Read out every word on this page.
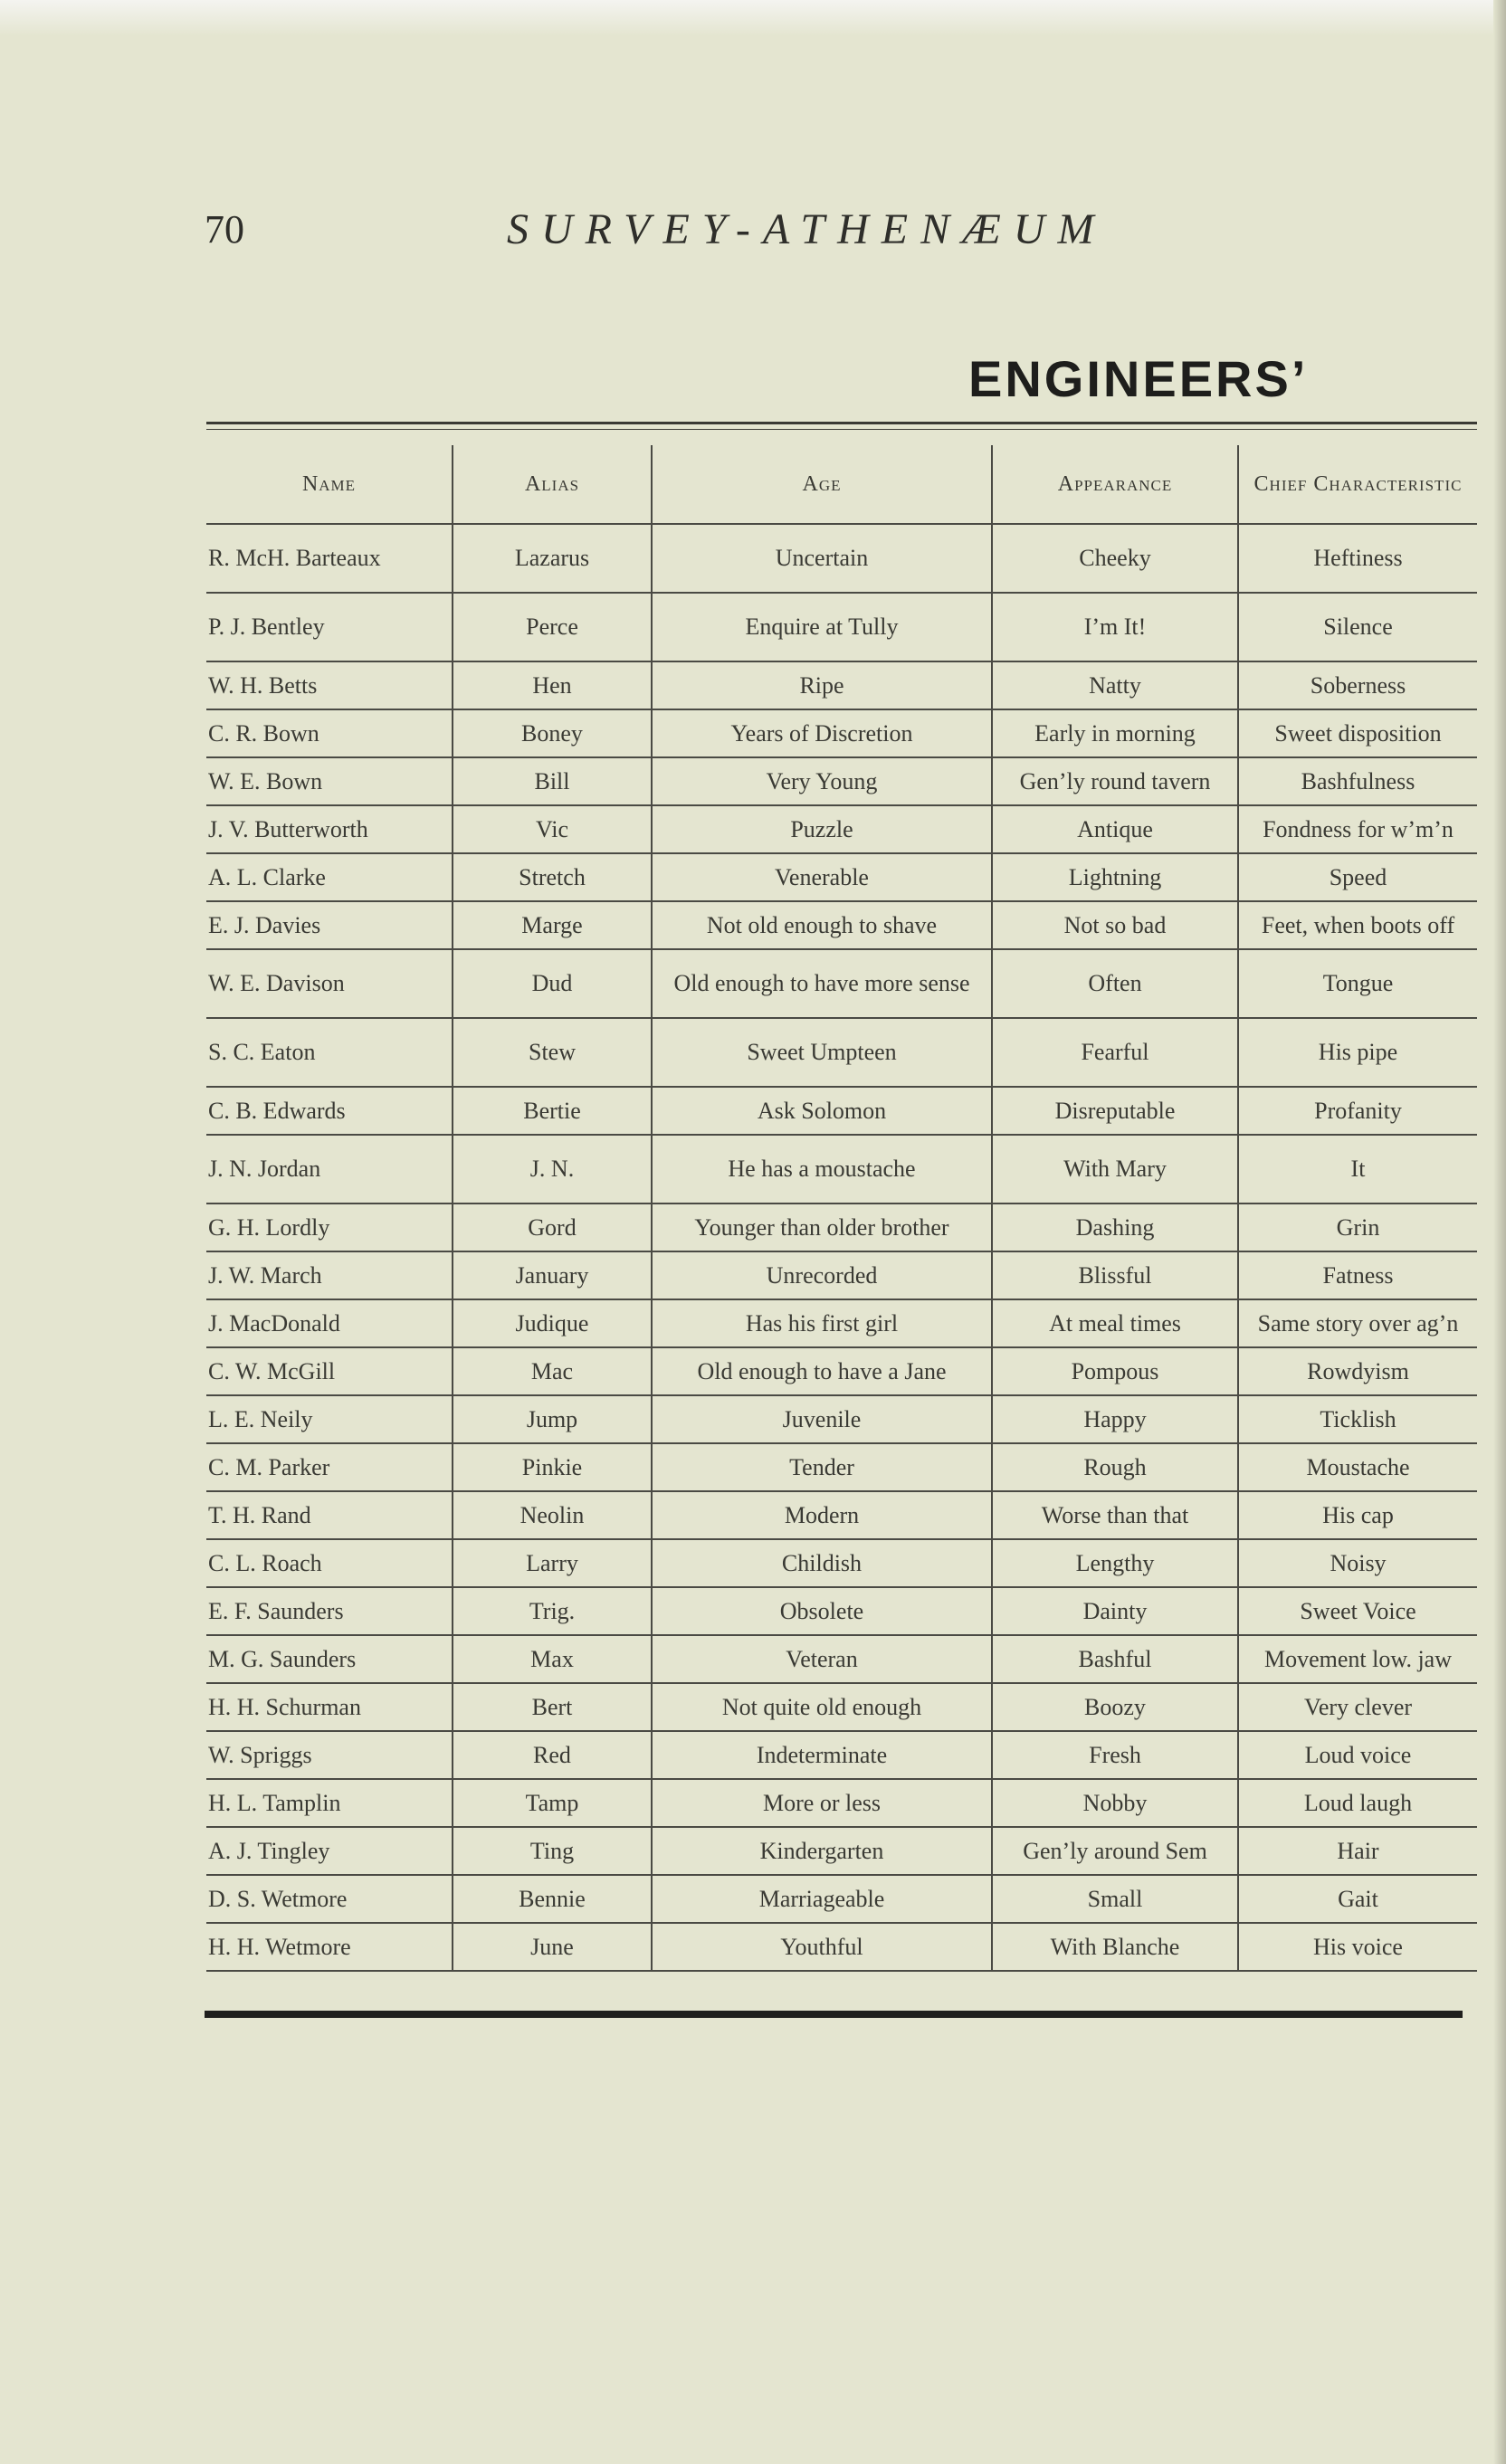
70	SURVEY-ATHENÆUM
ENGINEERS’
Name	Alias	Age	Appearance	Chief Characteristic
R. McH. Barteaux	Lazarus	Uncertain	Cheeky	Heftiness
P. J. Bentley	Perce	Enquire at Tully	I’m It!	Silence
W. H. Betts	Hen	Ripe	Natty	Soberness
C. R. Bown	Boney	Years of Discretion	Early in morning	Sweet disposition
W. E. Bown	Bill	Very Young	Gen’ly round tavern	Bashfulness
J. V. Butterworth	Vic	Puzzle	Antique	Fondness for w’m’n
A. L. Clarke	Stretch	Venerable	Lightning	Speed
E. J. Davies	Marge	Not old enough to shave	Not so bad	Feet, when boots off
W. E. Davison	Dud	Old enough to have more sense	Often	Tongue
S. C. Eaton	Stew	Sweet Umpteen	Fearful	His pipe
C. B. Edwards	Bertie	Ask Solomon	Disreputable	Profanity
J. N. Jordan	J. N.	He has a moustache	With Mary	It
G. H. Lordly	Gord	Younger than older brother	Dashing	Grin
J. W. March	January	Unrecorded	Blissful	Fatness
J. MacDonald	Judique	Has his first girl	At meal times	Same story over ag’n
C. W. McGill	Mac	Old enough to have a Jane	Pompous	Rowdyism
L. E. Neily	Jump	Juvenile	Happy	Ticklish
C. M. Parker	Pinkie	Tender	Rough	Moustache
T. H. Rand	Neolin	Modern	Worse than that	His cap
C. L. Roach	Larry	Childish	Lengthy	Noisy
E. F. Saunders	Trig.	Obsolete	Dainty	Sweet Voice
M. G. Saunders	Max	Veteran	Bashful	Movement low. jaw
H. H. Schurman	Bert	Not quite old enough	Boozy	Very clever
W. Spriggs	Red	Indeterminate	Fresh	Loud voice
H. L. Tamplin	Tamp	More or less	Nobby	Loud laugh
A. J. Tingley	Ting	Kindergarten	Gen’ly around Sem	Hair
D. S. Wetmore	Bennie	Marriageable	Small	Gait
H. H. Wetmore	June	Youthful	With Blanche	His voice
